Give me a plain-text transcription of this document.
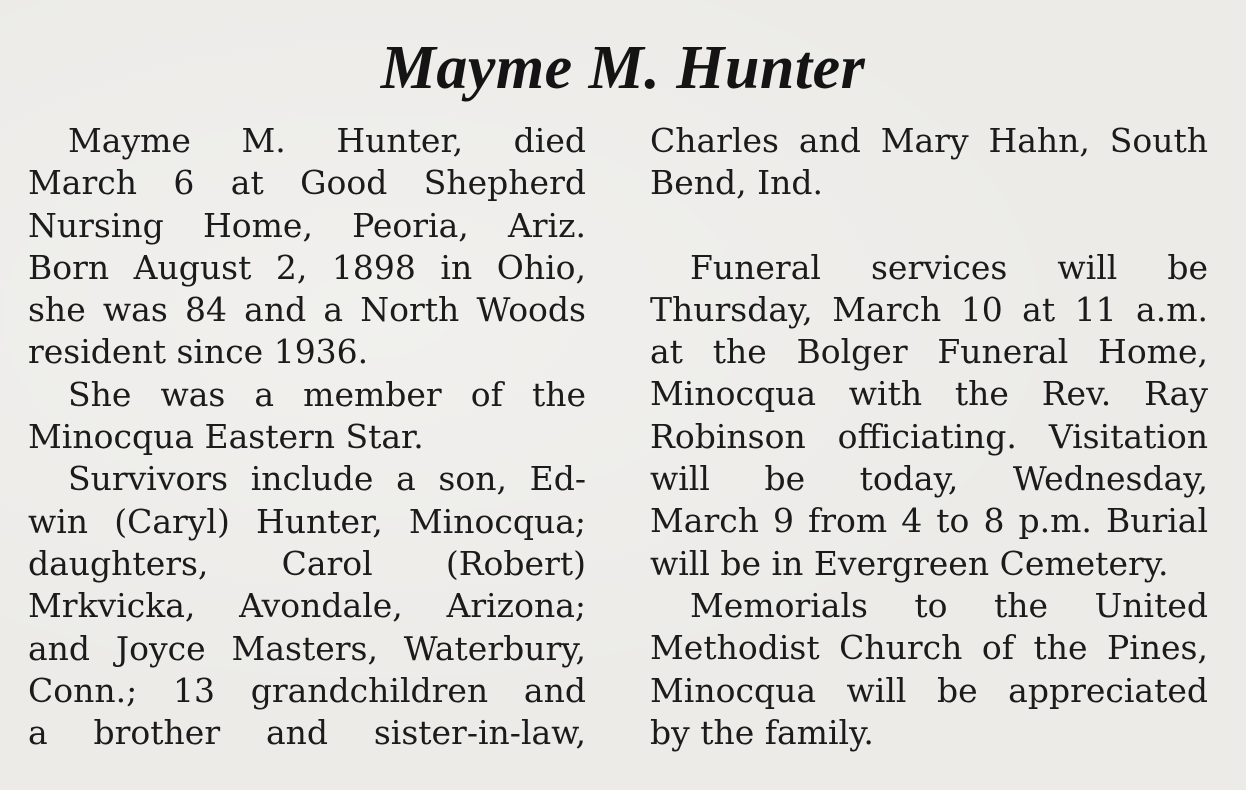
Mayme M. Hunter
Mayme M. Hunter, died
March 6 at Good Shepherd
Nursing Home, Peoria, Ariz.
Born August 2, 1898 in Ohio,
she was 84 and a North Woods
resident since 1936.
She was a member of the
Minocqua Eastern Star.
Survivors include a son, Ed-
win (Caryl) Hunter, Minocqua;
daughters, Carol (Robert)
Mrkvicka, Avondale, Arizona;
and Joyce Masters, Waterbury,
Conn.; 13 grandchildren and
a brother and sister-in-law,
Charles and Mary Hahn, South
Bend, Ind.
Funeral services will be
Thursday, March 10 at 11 a.m.
at the Bolger Funeral Home,
Minocqua with the Rev. Ray
Robinson officiating. Visitation
will be today, Wednesday,
March 9 from 4 to 8 p.m. Burial
will be in Evergreen Cemetery.
Memorials to the United
Methodist Church of the Pines,
Minocqua will be appreciated
by the family.
